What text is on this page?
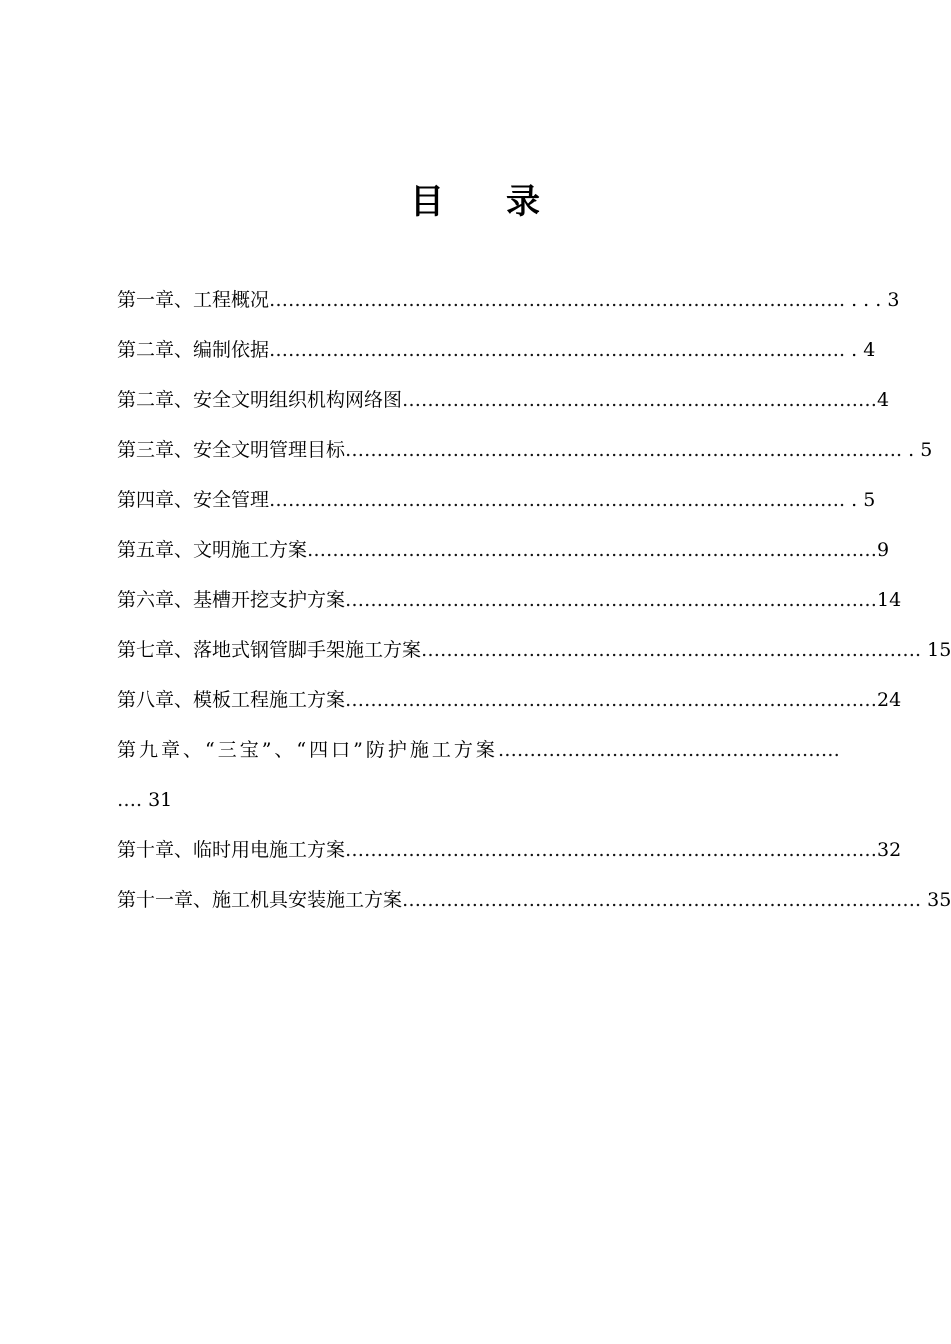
目 录
第一章、工程概况………………………………………………………………………………. . . . 3
第二章、编制依据………………………………………………………………………………. . 4
第二章、安全文明组织机构网络图…………………………………………………………………4
第三章、安全文明管理目标……………………………………………………………………………. . 5
第四章、安全管理………………………………………………………………………………. . 5
第五章、文明施工方案………………………………………………………………………………9
第六章、基槽开挖支护方案…………………………………………………………………………14
第七章、落地式钢管脚手架施工方案……………………………………………………………………. 15
第八章、模板工程施工方案…………………………………………………………………………24
第九章、“三宝”、“四口”防护施工方案………………………………………………
…. 31
第十章、临时用电施工方案…………………………………………………………………………32
第十一章、施工机具安装施工方案………………………………………………………………………. 35
